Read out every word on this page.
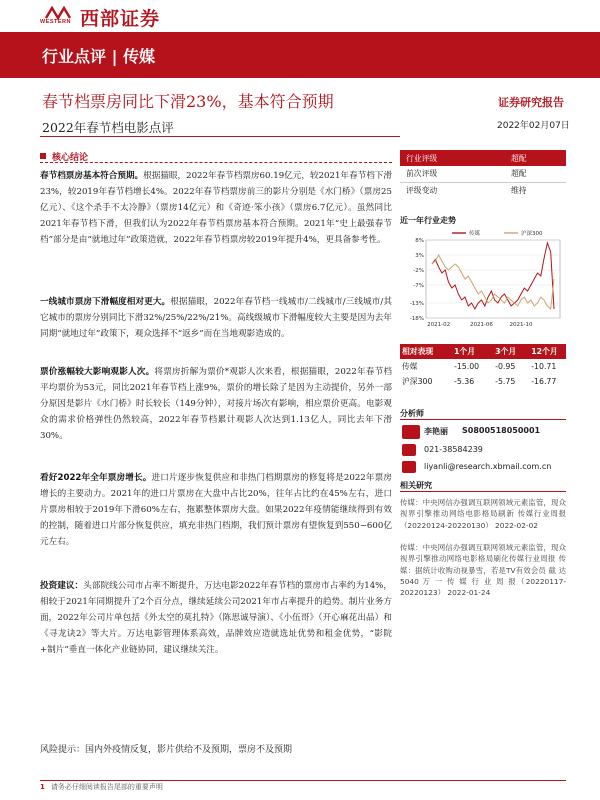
WESTERN 西部证券
行业点评 | 传媒
春节档票房同比下滑23%，基本符合预期	证券研究报告
2022年春节档电影点评	2022年02月07日
核心结论
春节档票房基本符合预期。根据猫眼，2022年春节档票房60.19亿元，较2021年春节档下滑23%，较2019年春节档增长4%。2022年春节档票房前三的影片分别是《水门桥》（票房25亿元）、《这个杀手不太冷静》（票房14亿元）和《奇迹·笨小孩》（票房6.7亿元）。虽然同比2021年春节档下滑，但我们认为2022年春节档票房基本符合预期。2021年“史上最强春节档”部分是由“就地过年”政策造就，2022年春节档票房较2019年提升4%，更具备参考性。
一线城市票房下滑幅度相对更大。根据猫眼，2022年春节档一线城市/二线城市/三线城市/其它城市的票房分别同比下滑32%/25%/22%/21%。高线级城市下滑幅度较大主要是因为去年同期“就地过年”政策下，观众选择不“返乡”而在当地观影造成的。
票价涨幅较大影响观影人次。将票房折解为票价*观影人次来看，根据猫眼，2022年春节档平均票价为53元，同比2021年春节档上涨9%，票价的增长除了是因为主动提价，另外一部分原因是影片《水门桥》时长较长（149分钟），对接片场次有影响，相应票价更高。电影观众的需求价格弹性仍然较高，2022年春节档累计观影人次达到1.13亿人，同比去年下滑30%。
看好2022年全年票房增长。进口片逐步恢复供应和非热门档期票房的修复将是2022年票房增长的主要动力。2021年的进口片票房在大盘中占比20%，往年占比约在45%左右，进口片票房相较于2019年下滑60%左右，拖累整体票房大盘。如果2022年疫情能继续得到有效的控制，随着进口片部分恢复供应，填充非热门档期，我们预计票房有望恢复到550~600亿元左右。
投资建议：头部院线公司市占率不断提升，万达电影2022年春节档的票房市占率约为14%，相较于2021年同期提升了2个百分点，继续延续公司2021年市占率提升的趋势。制片业务方面，2022年公司片单包括《外太空的莫扎特》（陈思诚导演）、《小伍哥》（开心麻花出品）和《寻龙诀2》等大片。万达电影管理体系高效，品牌效应造就选址优势和租金优势，“影院+制片”垂直一体化产业链协同，建议继续关注。
风险提示：国内外疫情反复，影片供给不及预期，票房不及预期
行业评级	超配
前次评级	超配
评级变动	维持
近一年行业走势
8%
3%
-2%
-7%
-13%
-18%
2021-02	2021-06	2021-10
传媒	沪深300
相对表现	1个月	3个月	12个月
传媒	-15.00	-0.95	-10.71
沪深300	-5.36	-5.75	-16.77
分析师
李艳丽 S0800518050001
021-38584239
liyanli@research.xbmail.com.cn
相关研究
传媒：中央网信办强调互联网领域元素监管，现众视界引擎推动网络电影格局刷新 传媒行业周报（20220124-20220130） 2022-02-02
传媒：中央网信办强调互联网领域元素监管，现众视界引擎推动网络电影格局刷化传媒行业周报 传媒：据统计收购动视暴雪，若是TV有效会员 截 达 5040 万 一 传 媒 行 业 周 报（20220117-20220123） 2022-01-24
1 请务必仔细阅读报告尾部的重要声明
